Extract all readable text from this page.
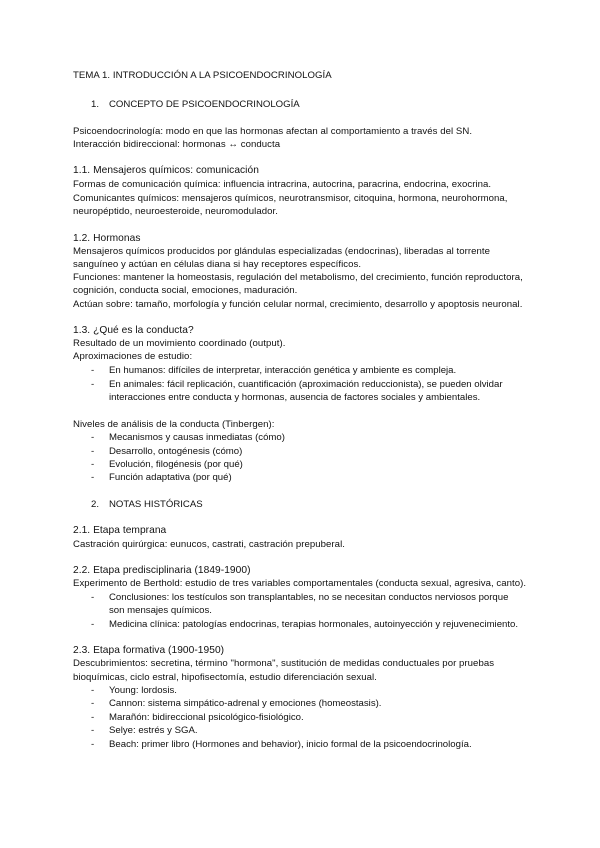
TEMA 1. INTRODUCCIÓN A LA PSICOENDOCRINOLOGÍA
1. CONCEPTO DE PSICOENDOCRINOLOGÍA
Psicoendocrinología: modo en que las hormonas afectan al comportamiento a través del SN.
Interacción bidireccional: hormonas ↔ conducta
1.1. Mensajeros químicos: comunicación
Formas de comunicación química: influencia intracrina, autocrina, paracrina, endocrina, exocrina.
Comunicantes químicos: mensajeros químicos, neurotransmisor, citoquina, hormona, neurohormona,
neuropéptido, neuroesteroide, neuromodulador.
1.2. Hormonas
Mensajeros químicos producidos por glándulas especializadas (endocrinas), liberadas al torrente
sanguíneo y actúan en células diana si hay receptores específicos.
Funciones: mantener la homeostasis, regulación del metabolismo, del crecimiento, función reproductora,
cognición, conducta social, emociones, maduración.
Actúan sobre: tamaño, morfología y función celular normal, crecimiento, desarrollo y apoptosis neuronal.
1.3. ¿Qué es la conducta?
Resultado de un movimiento coordinado (output).
Aproximaciones de estudio:
- En humanos: difíciles de interpretar, interacción genética y ambiente es compleja.
- En animales: fácil replicación, cuantificación (aproximación reduccionista), se pueden olvidar
interacciones entre conducta y hormonas, ausencia de factores sociales y ambientales.
Niveles de análisis de la conducta (Tinbergen):
- Mecanismos y causas inmediatas (cómo)
- Desarrollo, ontogénesis (cómo)
- Evolución, filogénesis (por qué)
- Función adaptativa (por qué)
2. NOTAS HISTÓRICAS
2.1. Etapa temprana
Castración quirúrgica: eunucos, castrati, castración prepuberal.
2.2. Etapa predisciplinaria (1849-1900)
Experimento de Berthold: estudio de tres variables comportamentales (conducta sexual, agresiva, canto).
- Conclusiones: los testículos son transplantables, no se necesitan conductos nerviosos porque
son mensajes químicos.
- Medicina clínica: patologías endocrinas, terapias hormonales, autoinyección y rejuvenecimiento.
2.3. Etapa formativa (1900-1950)
Descubrimientos: secretina, término "hormona", sustitución de medidas conductuales por pruebas
bioquímicas, ciclo estral, hipofisectomía, estudio diferenciación sexual.
- Young: lordosis.
- Cannon: sistema simpático-adrenal y emociones (homeostasis).
- Marañón: bidireccional psicológico-fisiológico.
- Selye: estrés y SGA.
- Beach: primer libro (Hormones and behavior), inicio formal de la psicoendocrinología.
